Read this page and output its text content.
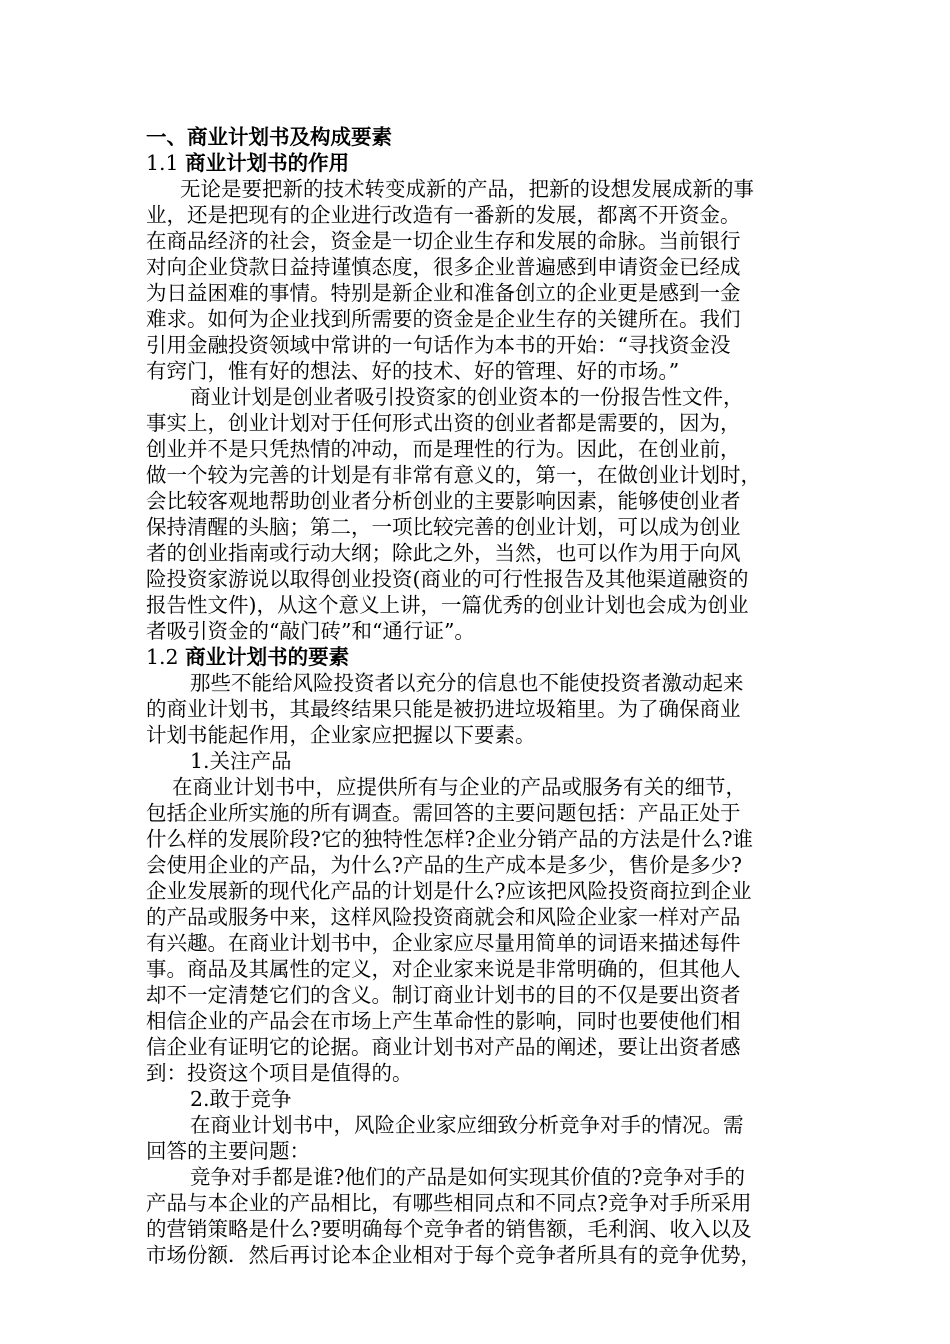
一、商业计划书及构成要素
1.1 商业计划书的作用
无论是要把新的技术转变成新的产品，把新的设想发展成新的事
业，还是把现有的企业进行改造有一番新的发展，都离不开资金。
在商品经济的社会，资金是一切企业生存和发展的命脉。当前银行
对向企业贷款日益持谨慎态度，很多企业普遍感到申请资金已经成
为日益困难的事情。特别是新企业和准备创立的企业更是感到一金
难求。如何为企业找到所需要的资金是企业生存的关键所在。我们
引用金融投资领域中常讲的一句话作为本书的开始：“寻找资金没
有窍门，惟有好的想法、好的技术、好的管理、好的市场。”
商业计划是创业者吸引投资家的创业资本的一份报告性文件，
事实上，创业计划对于任何形式出资的创业者都是需要的，因为，
创业并不是只凭热情的冲动，而是理性的行为。因此，在创业前，
做一个较为完善的计划是有非常有意义的，第一，在做创业计划时，
会比较客观地帮助创业者分析创业的主要影响因素，能够使创业者
保持清醒的头脑；第二，一项比较完善的创业计划，可以成为创业
者的创业指南或行动大纲；除此之外，当然，也可以作为用于向风
险投资家游说以取得创业投资(商业的可行性报告及其他渠道融资的
报告性文件)，从这个意义上讲，一篇优秀的创业计划也会成为创业
者吸引资金的“敲门砖”和“通行证”。
1.2 商业计划书的要素
那些不能给风险投资者以充分的信息也不能使投资者激动起来
的商业计划书，其最终结果只能是被扔进垃圾箱里。为了确保商业
计划书能起作用，企业家应把握以下要素。
1.关注产品
在商业计划书中，应提供所有与企业的产品或服务有关的细节，
包括企业所实施的所有调查。需回答的主要问题包括：产品正处于
什么样的发展阶段?它的独特性怎样?企业分销产品的方法是什么?谁
会使用企业的产品，为什么?产品的生产成本是多少，售价是多少?
企业发展新的现代化产品的计划是什么?应该把风险投资商拉到企业
的产品或服务中来，这样风险投资商就会和风险企业家一样对产品
有兴趣。在商业计划书中，企业家应尽量用简单的词语来描述每件
事。商品及其属性的定义，对企业家来说是非常明确的，但其他人
却不一定清楚它们的含义。制订商业计划书的目的不仅是要出资者
相信企业的产品会在市场上产生革命性的影响，同时也要使他们相
信企业有证明它的论据。商业计划书对产品的阐述，要让出资者感
到：投资这个项目是值得的。
2.敢于竞争
在商业计划书中，风险企业家应细致分析竞争对手的情况。需
回答的主要问题：
竞争对手都是谁?他们的产品是如何实现其价值的?竞争对手的
产品与本企业的产品相比，有哪些相同点和不同点?竞争对手所采用
的营销策略是什么?要明确每个竞争者的销售额，毛利润、收入以及
市场份额．然后再讨论本企业相对于每个竞争者所具有的竞争优势，
